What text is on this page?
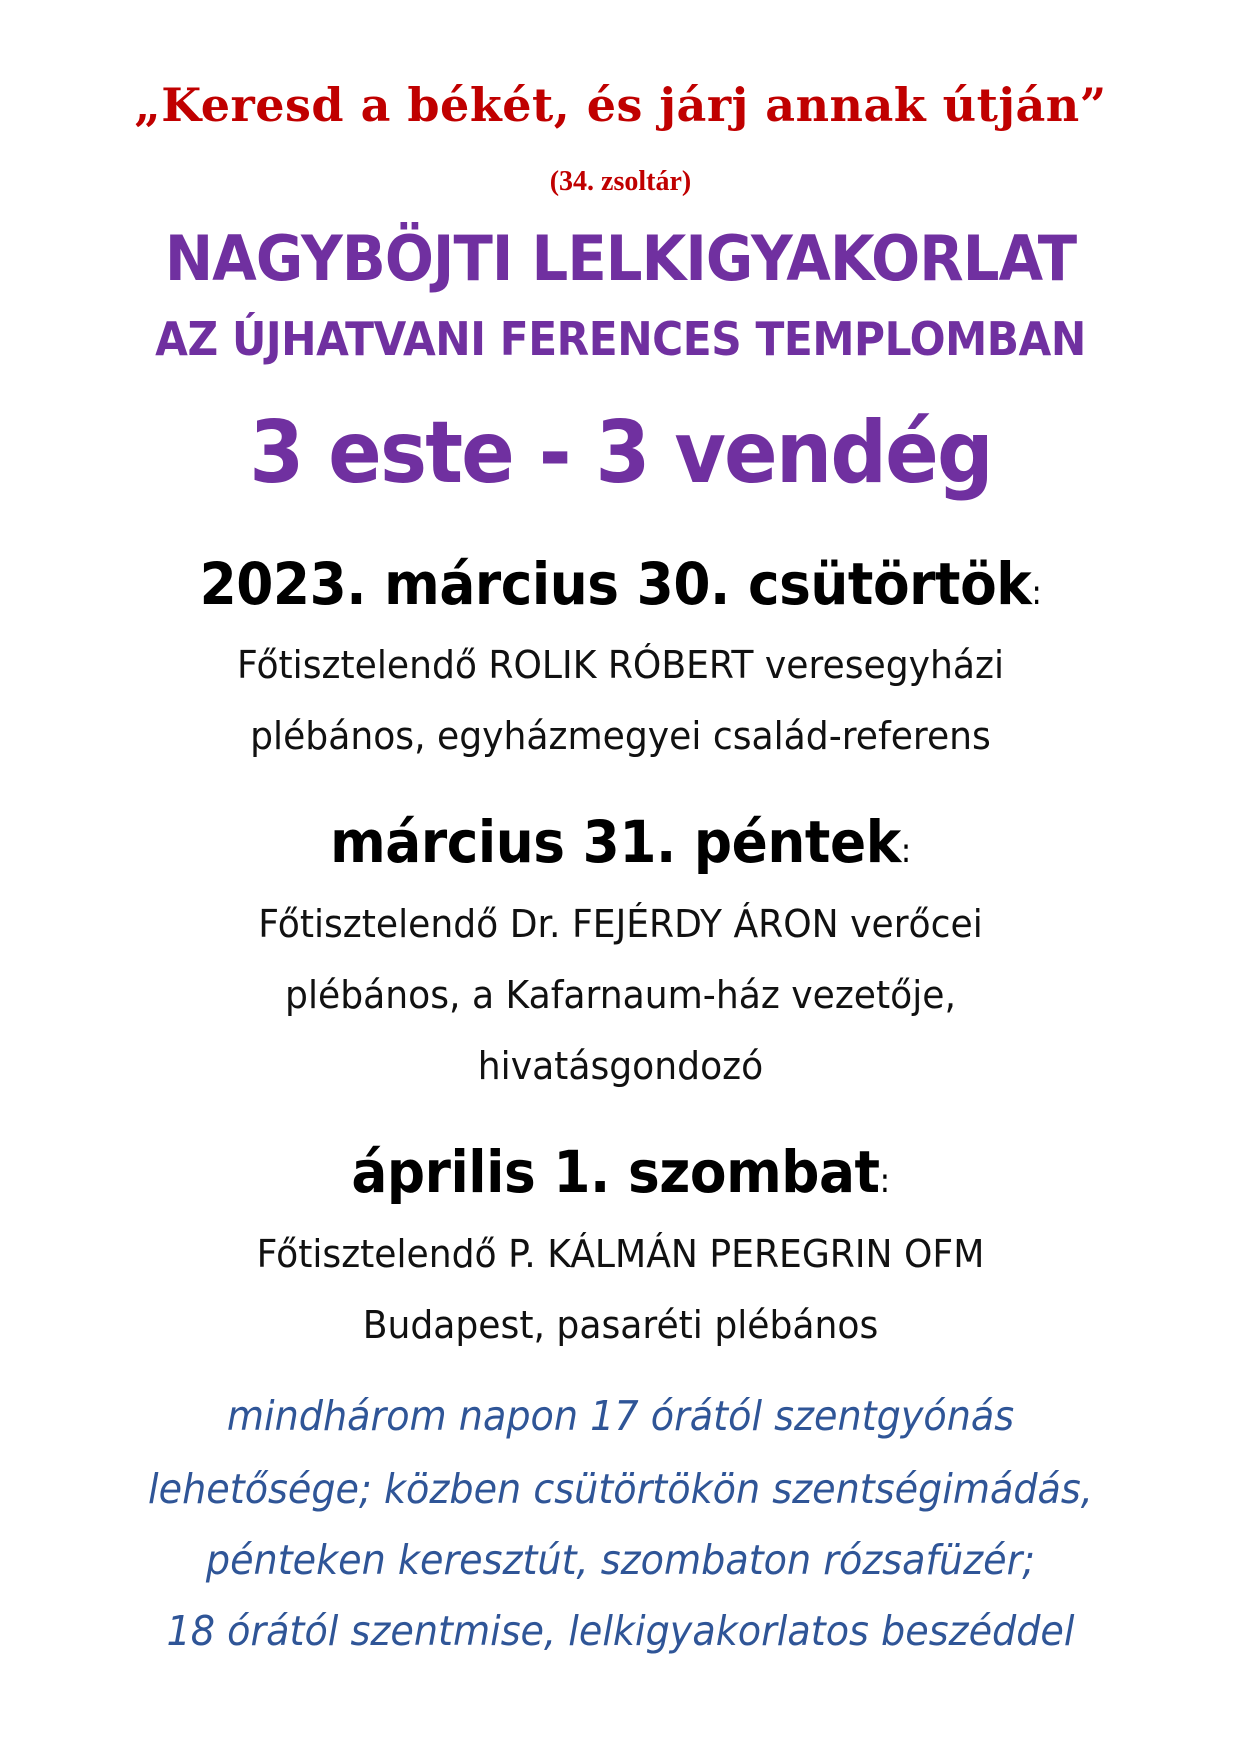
„Keresd a békét, és járj annak útján”

(34. zsoltár)

NAGYBÖJTI LELKIGYAKORLAT

AZ ÚJHATVANI FERENCES TEMPLOMBAN

3 este - 3 vendég

2023. március 30. csütörtök:

Főtisztelendő ROLIK RÓBERT veresegyházi

plébános, egyházmegyei család-referens

március 31. péntek:

Főtisztelendő Dr. FEJÉRDY ÁRON verőcei

plébános, a Kafarnaum-ház vezetője,

hivatásgondozó

április 1. szombat:

Főtisztelendő P. KÁLMÁN PEREGRIN OFM

Budapest, pasaréti plébános

mindhárom napon 17 órától szentgyónás

lehetősége; közben csütörtökön szentségimádás,

pénteken keresztút, szombaton rózsafüzér;

18 órától szentmise, lelkigyakorlatos beszéddel
